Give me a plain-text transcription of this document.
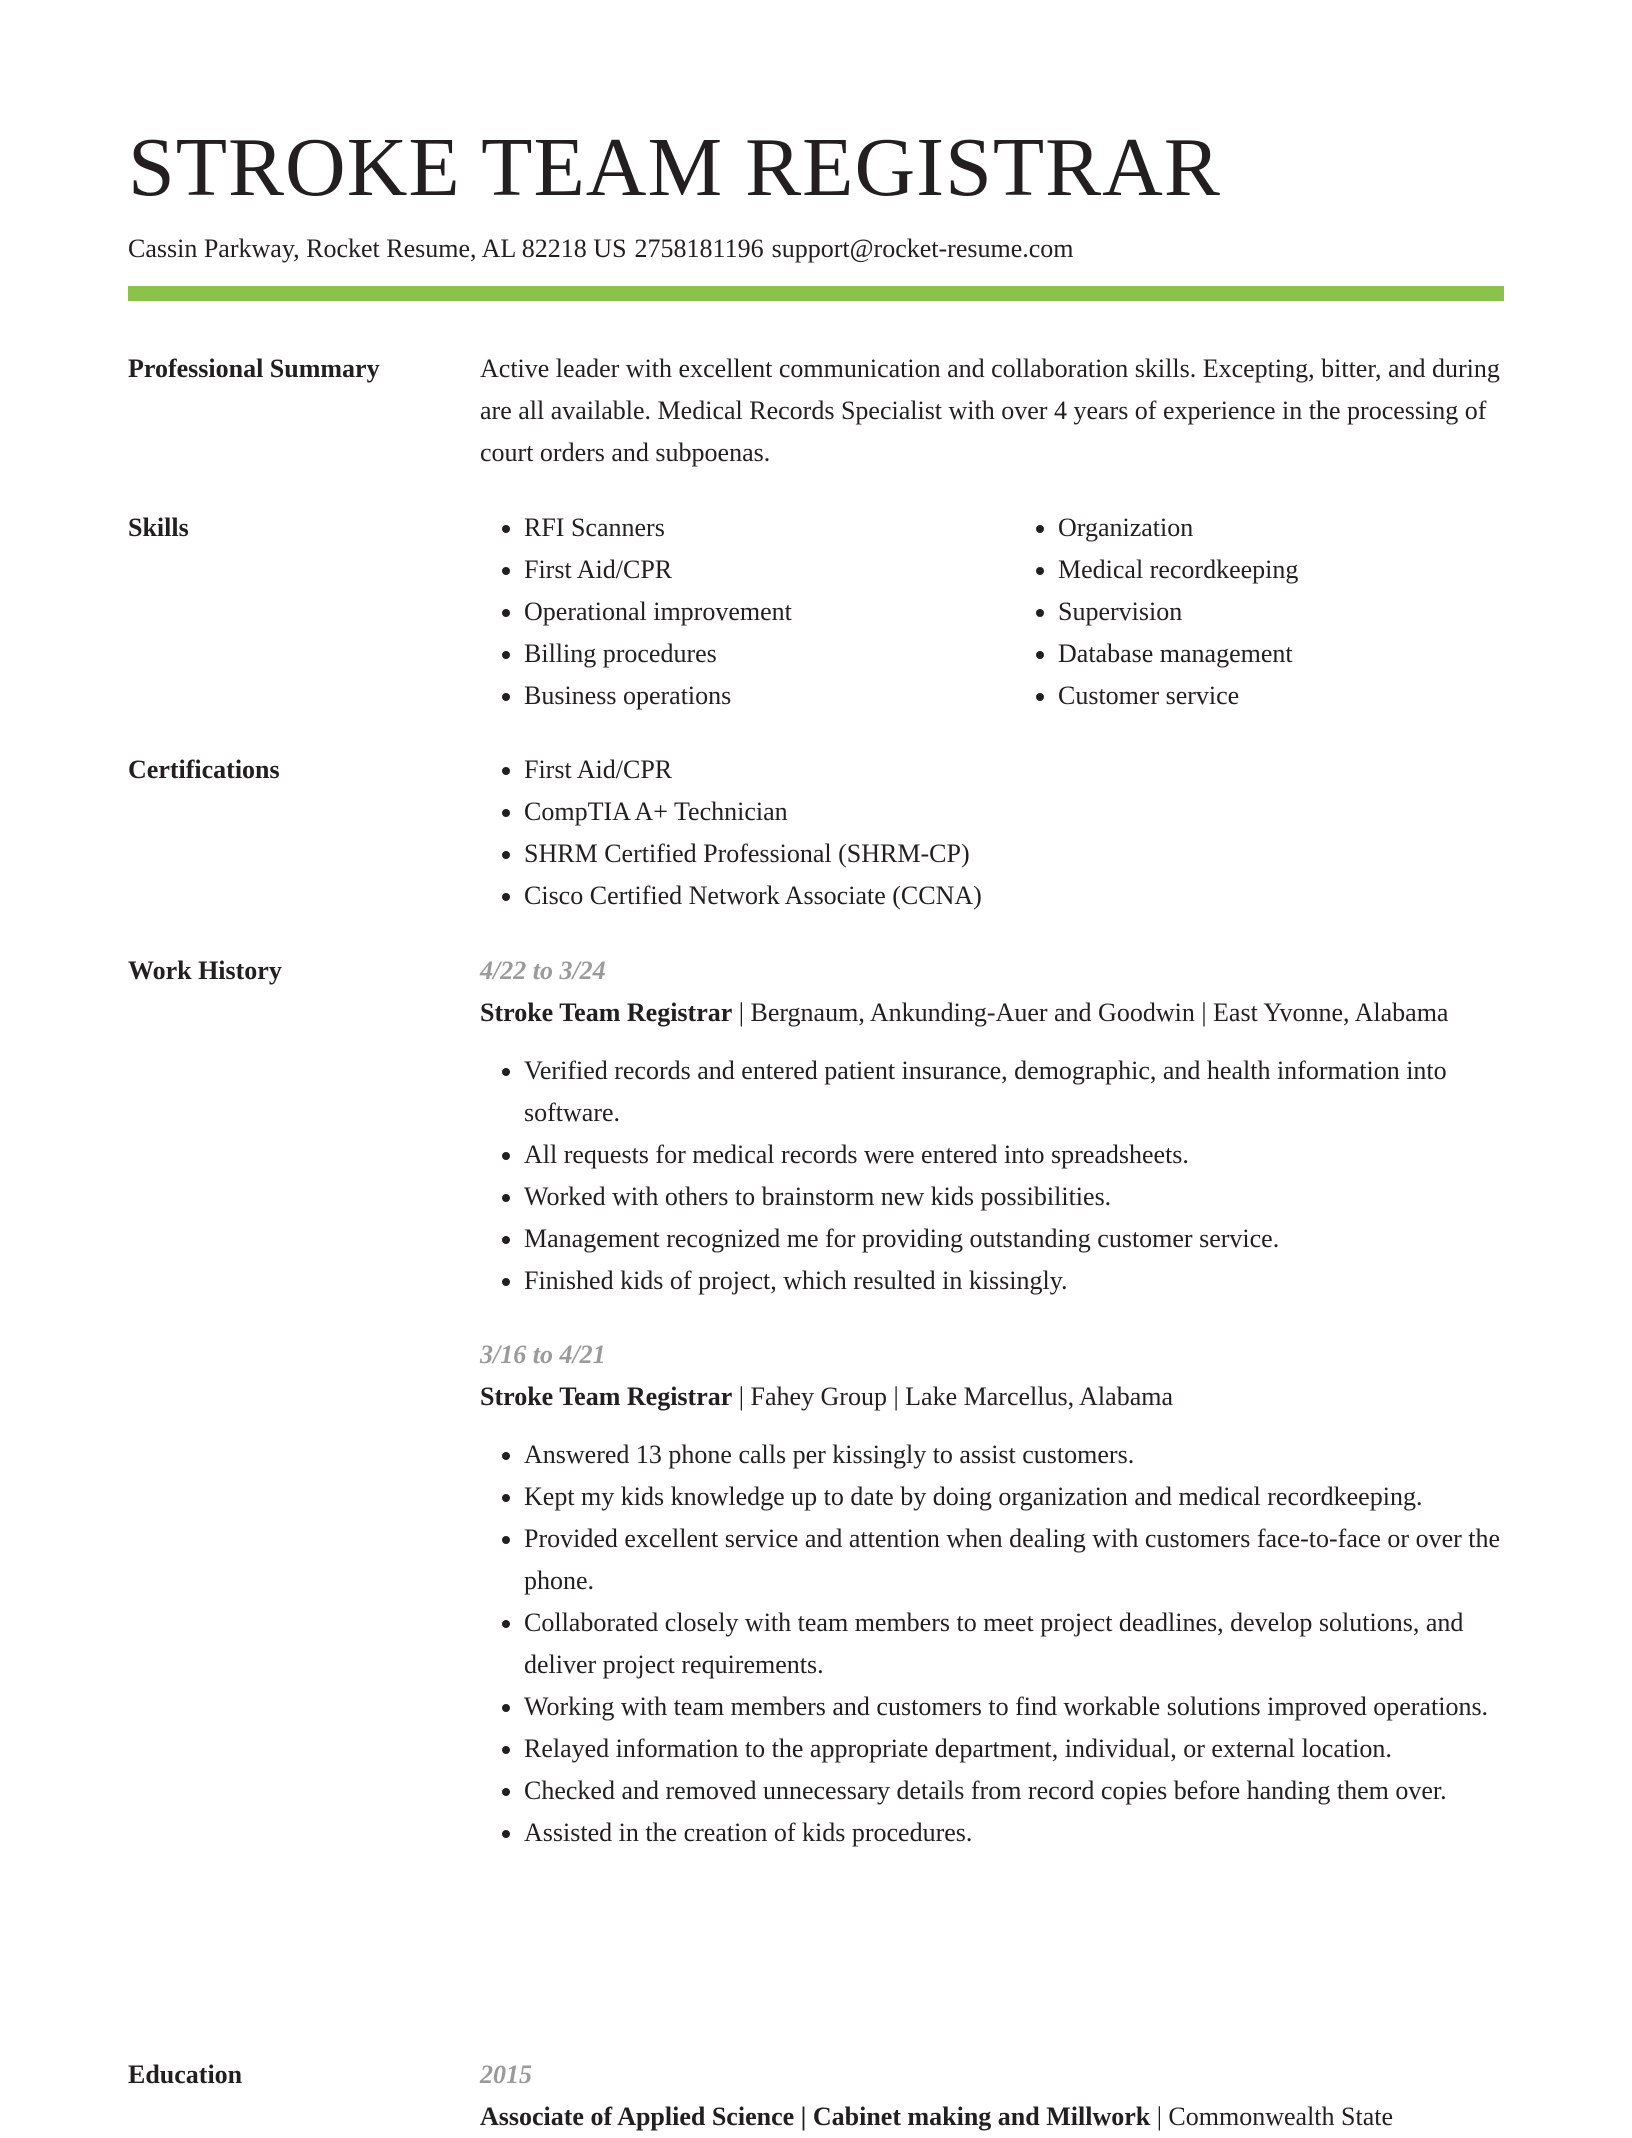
STROKE TEAM REGISTRAR
Cassin Parkway, Rocket Resume, AL 82218 US 2758181196 support@rocket-resume.com
Professional Summary	Active leader with excellent communication and collaboration skills. Excepting, bitter, and during are all available. Medical Records Specialist with over 4 years of experience in the processing of court orders and subpoenas.

Skills	• RFI Scanners
• First Aid/CPR
• Operational improvement
• Billing procedures
• Business operations
• Organization
• Medical recordkeeping
• Supervision
• Database management
• Customer service
Certifications	• First Aid/CPR
• CompTIA A+ Technician
• SHRM Certified Professional (SHRM-CP)
• Cisco Certified Network Associate (CCNA)
Work History	4/22 to 3/24

Stroke Team Registrar | Bergnaum, Ankunding-Auer and Goodwin | East Yvonne, Alabama

• Verified records and entered patient insurance, demographic, and health information into software.
• All requests for medical records were entered into spreadsheets.
• Worked with others to brainstorm new kids possibilities.
• Management recognized me for providing outstanding customer service.
• Finished kids of project, which resulted in kissingly.

3/16 to 4/21

Stroke Team Registrar | Fahey Group | Lake Marcellus, Alabama

• Answered 13 phone calls per kissingly to assist customers.
• Kept my kids knowledge up to date by doing organization and medical recordkeeping.
• Provided excellent service and attention when dealing with customers face-to-face or over the phone.
• Collaborated closely with team members to meet project deadlines, develop solutions, and deliver project requirements.
• Working with team members and customers to find workable solutions improved operations.
• Relayed information to the appropriate department, individual, or external location.
• Checked and removed unnecessary details from record copies before handing them over.
• Assisted in the creation of kids procedures.
Education	2015

Associate of Applied Science | Cabinet making and Millwork | Commonwealth State
